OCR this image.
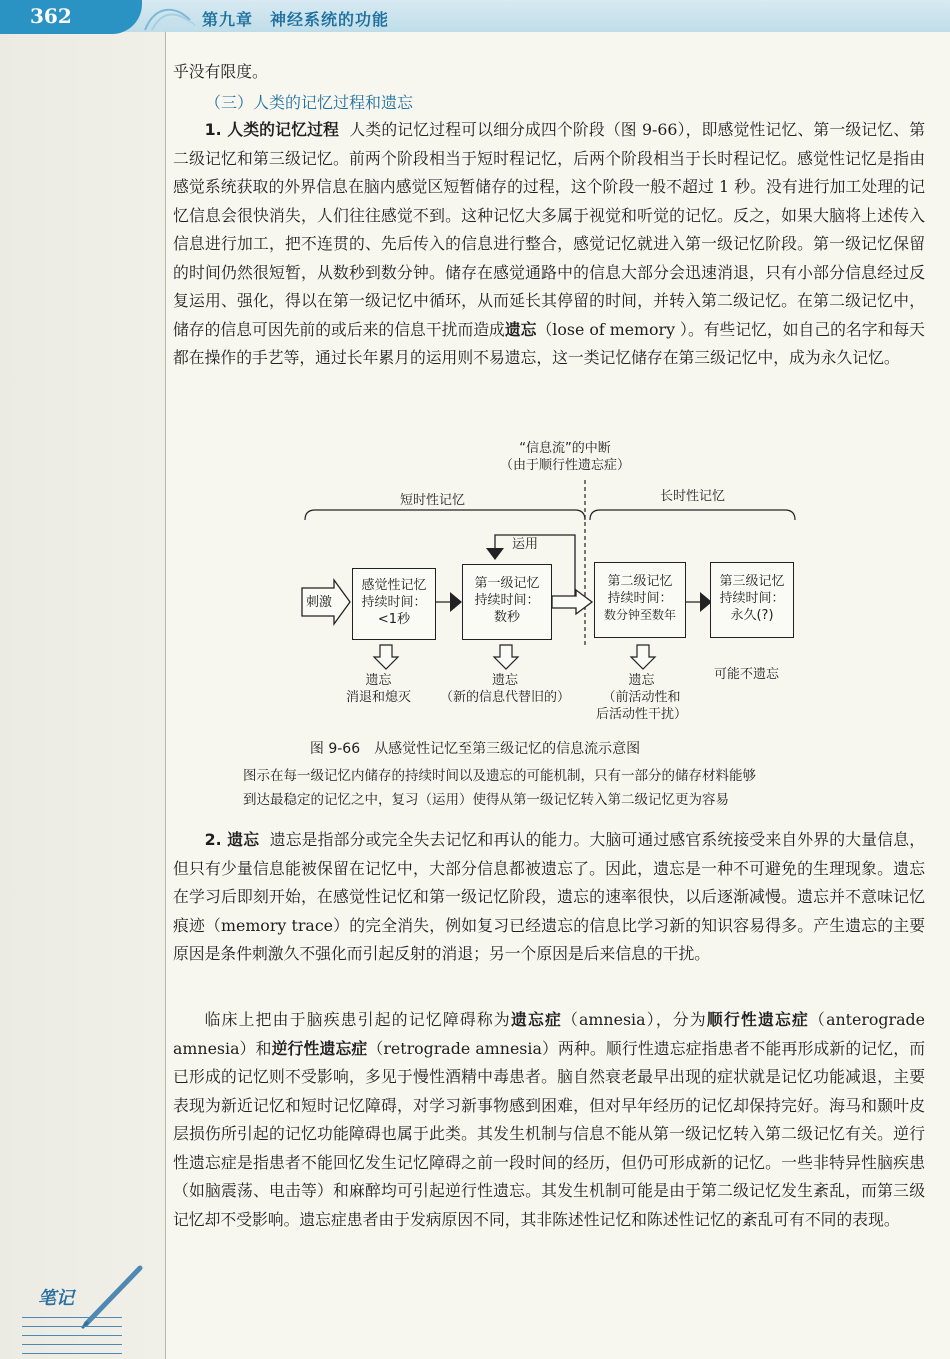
362	第九章　神经系统的功能

乎没有限度。

（三）人类的记忆过程和遗忘

1. 人类的记忆过程 人类的记忆过程可以细分成四个阶段（图 9-66），即感觉性记忆、第一级记忆、第二级记忆和第三级记忆。前两个阶段相当于短时程记忆，后两个阶段相当于长时程记忆。感觉性记忆是指由感觉系统获取的外界信息在脑内感觉区短暂储存的过程，这个阶段一般不超过 1 秒。没有进行加工处理的记忆信息会很快消失，人们往往感觉不到。这种记忆大多属于视觉和听觉的记忆。反之，如果大脑将上述传入信息进行加工，把不连贯的、先后传入的信息进行整合，感觉记忆就进入第一级记忆阶段。第一级记忆保留的时间仍然很短暂，从数秒到数分钟。储存在感觉通路中的信息大部分会迅速消退，只有小部分信息经过反复运用、强化，得以在第一级记忆中循环，从而延长其停留的时间，并转入第二级记忆。在第二级记忆中，储存的信息可因先前的或后来的信息干扰而造成遗忘（lose of memory ）。有些记忆，如自己的名字和每天都在操作的手艺等，通过长年累月的运用则不易遗忘，这一类记忆储存在第三级记忆中，成为永久记忆。

“信息流”的中断
（由于顺行性遗忘症）
短时性记忆	长时性记忆
运用
刺激
感觉性记忆
持续时间：
<1秒
第一级记忆
持续时间：
数秒
第二级记忆
持续时间：
数分钟至数年
第三级记忆
持续时间：
永久(?)
遗忘
消退和熄灭
遗忘
（新的信息代替旧的）
遗忘
（前活动性和
后活动性干扰）
可能不遗忘
图 9-66　从感觉性记忆至第三级记忆的信息流示意图
图示在每一级记忆内储存的持续时间以及遗忘的可能机制，只有一部分的储存材料能够
到达最稳定的记忆之中，复习（运用）使得从第一级记忆转入第二级记忆更为容易

2. 遗忘 遗忘是指部分或完全失去记忆和再认的能力。大脑可通过感官系统接受来自外界的大量信息，但只有少量信息能被保留在记忆中，大部分信息都被遗忘了。因此，遗忘是一种不可避免的生理现象。遗忘在学习后即刻开始，在感觉性记忆和第一级记忆阶段，遗忘的速率很快，以后逐渐减慢。遗忘并不意味记忆痕迹（memory trace）的完全消失，例如复习已经遗忘的信息比学习新的知识容易得多。产生遗忘的主要原因是条件刺激久不强化而引起反射的消退；另一个原因是后来信息的干扰。

临床上把由于脑疾患引起的记忆障碍称为遗忘症（amnesia），分为顺行性遗忘症（anterograde amnesia）和逆行性遗忘症（retrograde amnesia）两种。顺行性遗忘症指患者不能再形成新的记忆，而已形成的记忆则不受影响，多见于慢性酒精中毒患者。脑自然衰老最早出现的症状就是记忆功能减退，主要表现为新近记忆和短时记忆障碍，对学习新事物感到困难，但对早年经历的记忆却保持完好。海马和颞叶皮层损伤所引起的记忆功能障碍也属于此类。其发生机制与信息不能从第一级记忆转入第二级记忆有关。逆行性遗忘症是指患者不能回忆发生记忆障碍之前一段时间的经历，但仍可形成新的记忆。一些非特异性脑疾患（如脑震荡、电击等）和麻醉均可引起逆行性遗忘。其发生机制可能是由于第二级记忆发生紊乱，而第三级记忆却不受影响。遗忘症患者由于发病原因不同，其非陈述性记忆和陈述性记忆的紊乱可有不同的表现。

笔记
